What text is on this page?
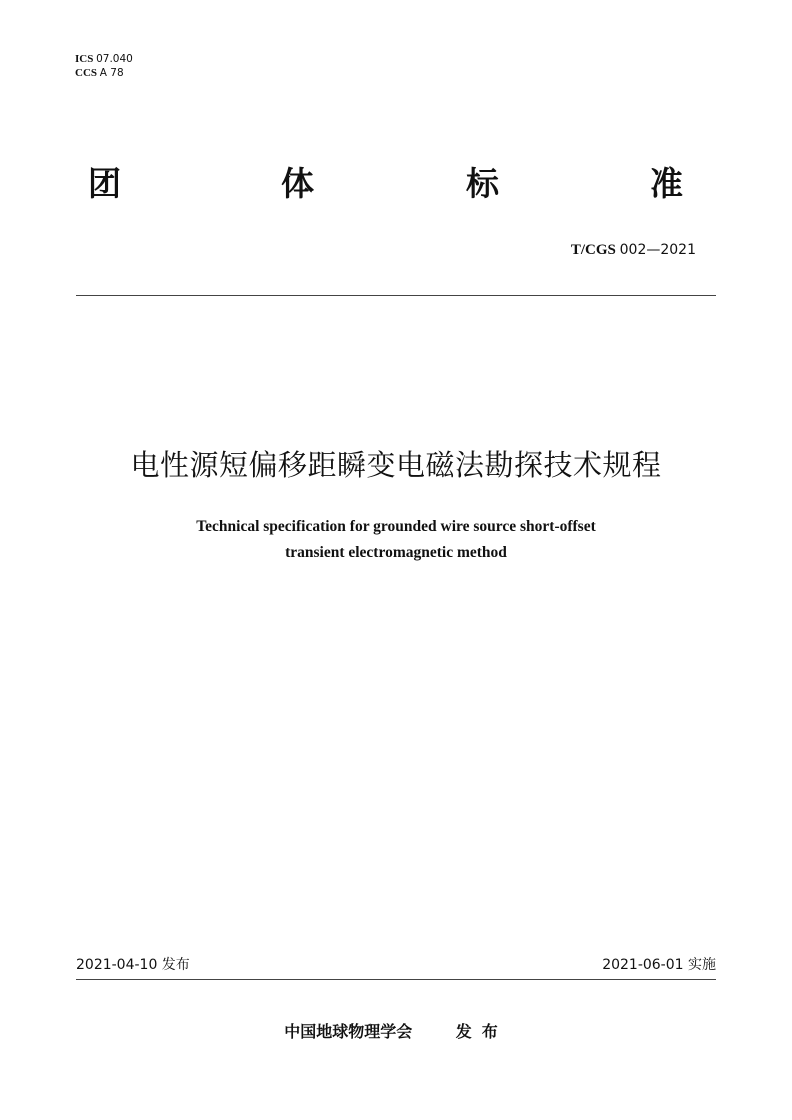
ICS 07.040
CCS A 78
团	体	标	准
T/CGS 002—2021
电性源短偏移距瞬变电磁法勘探技术规程
Technical specification for grounded wire source short-offset
transient electromagnetic method
2021-04-10 发布	2021-06-01 实施
中国地球物理学会	发布
